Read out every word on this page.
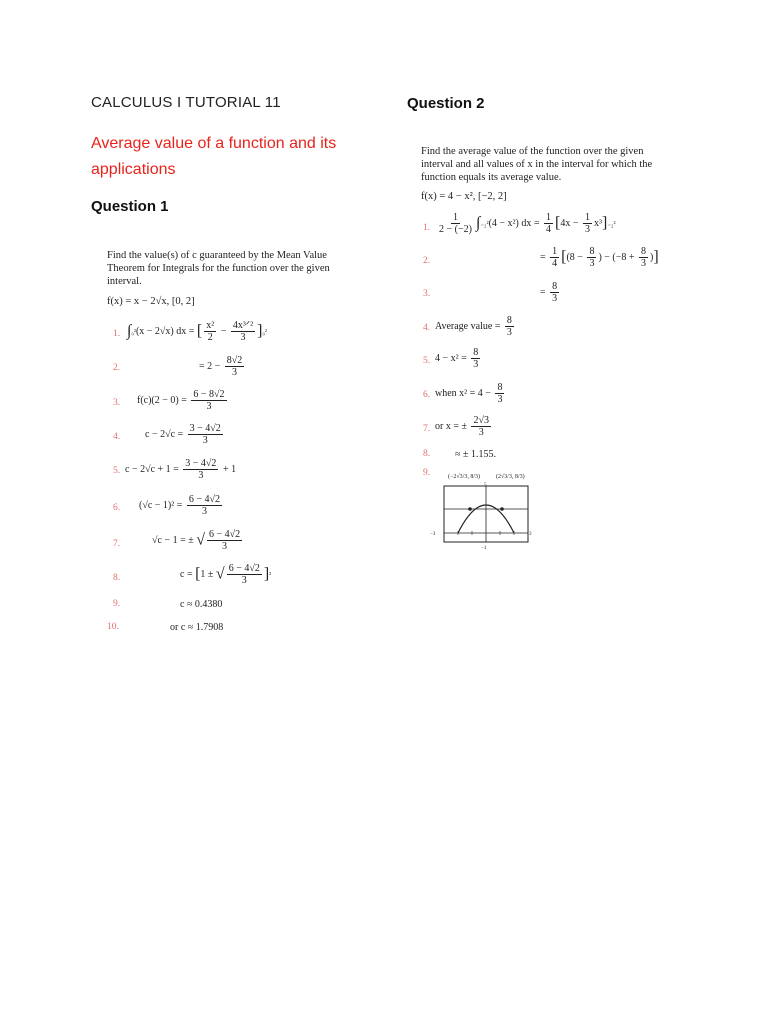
CALCULUS I TUTORIAL 11
Average value of a function and its applications
Question 1
Find the value(s) of c guaranteed by the Mean Value Theorem for Integrals for the function over the given interval.
f(x) = x − 2√x, [0, 2]
1. ∫₀²(x − 2√x) dx = [ $\frac{\text{x²}}{2} - \frac{\text{4x³ᐟ²}}{3} ]_0^2$
2.	= $2 - \frac{8√2}{3}$
3. $f(c)(2 - 0) = \frac{6 - 8√2}{3}$
4. $c - 2√c = \frac{3 - 4√2}{3}$
5. $c - 2√c + 1 = \frac{3 - 4√2}{3} + 1$
6. $(√c - 1)^2 = \frac{6 - 4√2}{3}$
7.	√c − 1 = ± √ $\frac{6 - 4√2}{3}$
8.	c = [1 ± √ $\frac{6 - 4√2}{3} ]^2$
9.	c ≈ 0.4380
10.	or c ≈ 1.7908
Question 2
Find the average value of the function over the given interval and all values of x in the interval for which the function equals its average value.
f(x) = 4 − x², [−2, 2]
1. $\frac{1}{2 - (-2)} \int_{-2}^2(4 - x^2)$ dx = $\frac{1}{4} [4x - \frac{1}{3} x^3]_{-2}^2$
2.	= $\frac{1}{4} [(8 - \frac{8}{3}$ ) − ($-8 + \frac{8}{3}$ )]
3.	= $\frac{8}{3}$
4. Average value = $\frac{8}{3}$
5. $4 - x^2 = \frac{8}{3}$
6. when $x^2 = 4 - \frac{8}{3}$
7. or x = ± $\frac{2√3}{3}$
8. ≈ ± 1.155.
9.	(−2√3/3, 8/3)	(2√3/3, 8/3)
5
−3	3
−1
